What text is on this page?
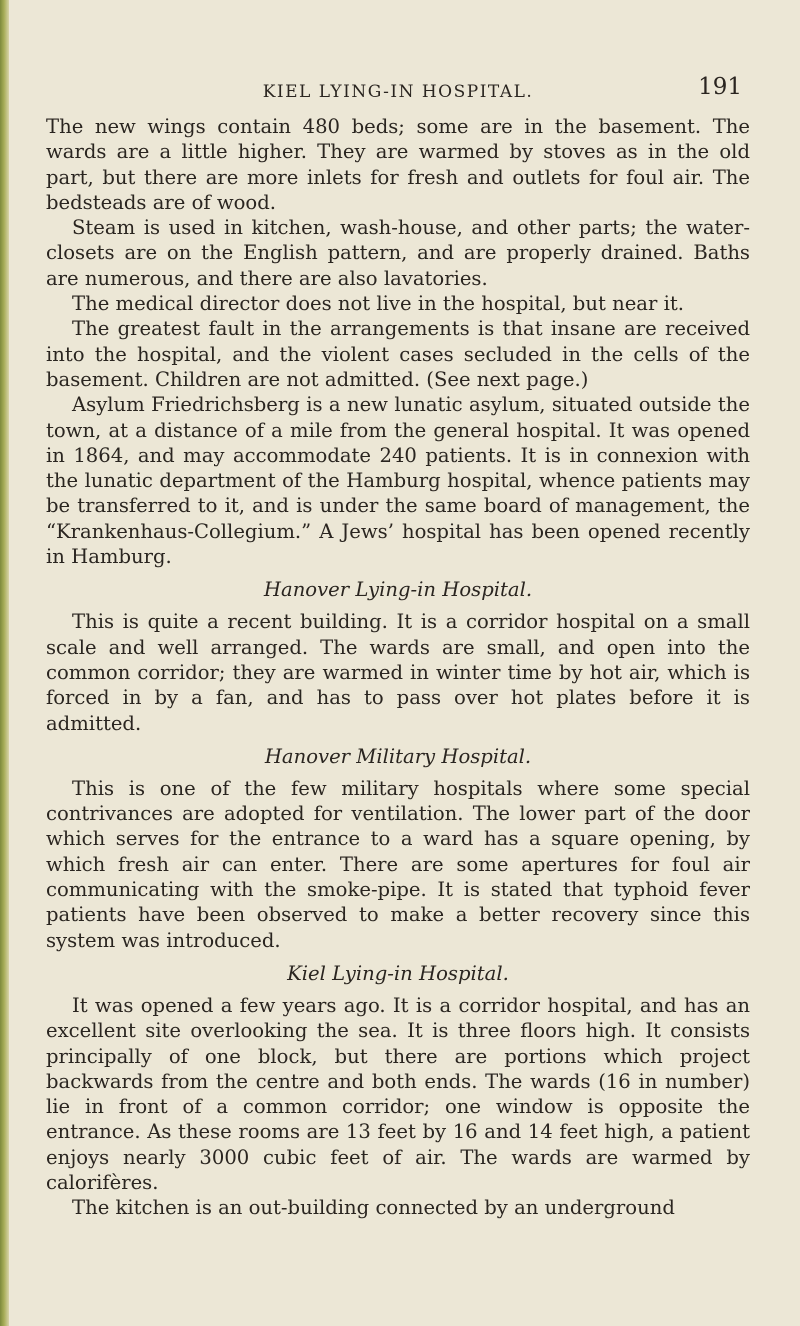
KIEL LYING-IN HOSPITAL.	191

The new wings contain 480 beds; some are in the basement. The wards are a little higher. They are warmed by stoves as in the old part, but there are more inlets for fresh and outlets for foul air. The bedsteads are of wood.

Steam is used in kitchen, wash-house, and other parts; the water-closets are on the English pattern, and are properly drained. Baths are numerous, and there are also lavatories.

The medical director does not live in the hospital, but near it.

The greatest fault in the arrangements is that insane are received into the hospital, and the violent cases secluded in the cells of the basement. Children are not admitted. (See next page.)

Asylum Friedrichsberg is a new lunatic asylum, situated outside the town, at a distance of a mile from the general hospital. It was opened in 1864, and may accommodate 240 patients. It is in connexion with the lunatic department of the Hamburg hospital, whence patients may be transferred to it, and is under the same board of management, the “Krankenhaus-Collegium.” A Jews’ hospital has been opened recently in Hamburg.

Hanover Lying-in Hospital.

This is quite a recent building. It is a corridor hospital on a small scale and well arranged. The wards are small, and open into the common corridor; they are warmed in winter time by hot air, which is forced in by a fan, and has to pass over hot plates before it is admitted.

Hanover Military Hospital.

This is one of the few military hospitals where some special contrivances are adopted for ventilation. The lower part of the door which serves for the entrance to a ward has a square opening, by which fresh air can enter. There are some apertures for foul air communicating with the smoke-pipe. It is stated that typhoid fever patients have been observed to make a better recovery since this system was introduced.

Kiel Lying-in Hospital.

It was opened a few years ago. It is a corridor hospital, and has an excellent site overlooking the sea. It is three floors high. It consists principally of one block, but there are portions which project backwards from the centre and both ends. The wards (16 in number) lie in front of a common corridor; one window is opposite the entrance. As these rooms are 13 feet by 16 and 14 feet high, a patient enjoys nearly 3000 cubic feet of air. The wards are warmed by calorifères.

The kitchen is an out-building connected by an underground
